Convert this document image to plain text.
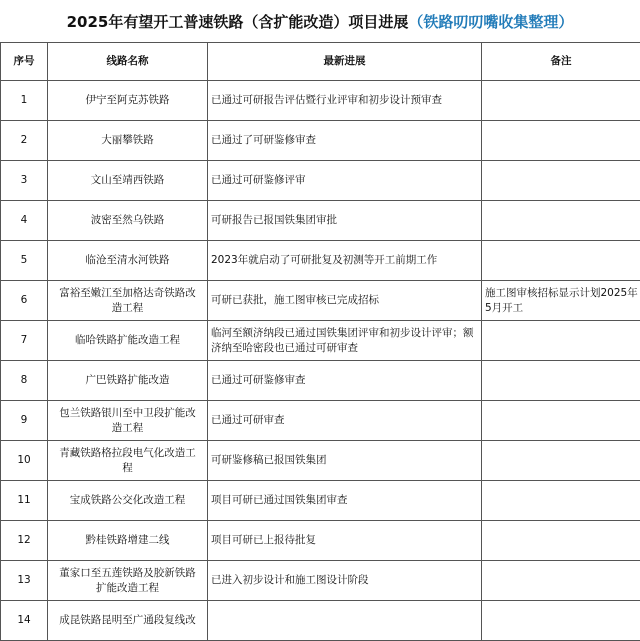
2025年有望开工普速铁路（含扩能改造）项目进展 （铁路叨叨嘴收集整理）
序号	线路名称	最新进展	备注
1	伊宁至阿克苏铁路	已通过可研报告评估暨行业评审和初步设计预审查	
2	大丽攀铁路	已通过了可研鉴修审查	
3	文山至靖西铁路	已通过可研鉴修评审	
4	波密至然乌铁路	可研报告已报国铁集团审批	
5	临沧至清水河铁路	2023年就启动了可研批复及初测等开工前期工作	
6	富裕至嫩江至加格达奇铁路改造工程	可研已获批，施工图审核已完成招标	施工图审核招标显示计划2025年5月开工
7	临哈铁路扩能改造工程	临河至额济纳段已通过国铁集团评审和初步设计评审；额济纳至哈密段也已通过可研审查	
8	广巴铁路扩能改造	已通过可研鉴修审查	
9	包兰铁路银川至中卫段扩能改造工程	已通过可研审查	
10	青藏铁路格拉段电气化改造工程	可研鉴修稿已报国铁集团	
11	宝成铁路公交化改造工程	项目可研已通过国铁集团审查	
12	黔桂铁路增建二线	项目可研已上报待批复	
13	董家口至五莲铁路及胶新铁路扩能改造工程	已进入初步设计和施工图设计阶段	
14	成昆铁路昆明至广通段复线改		
